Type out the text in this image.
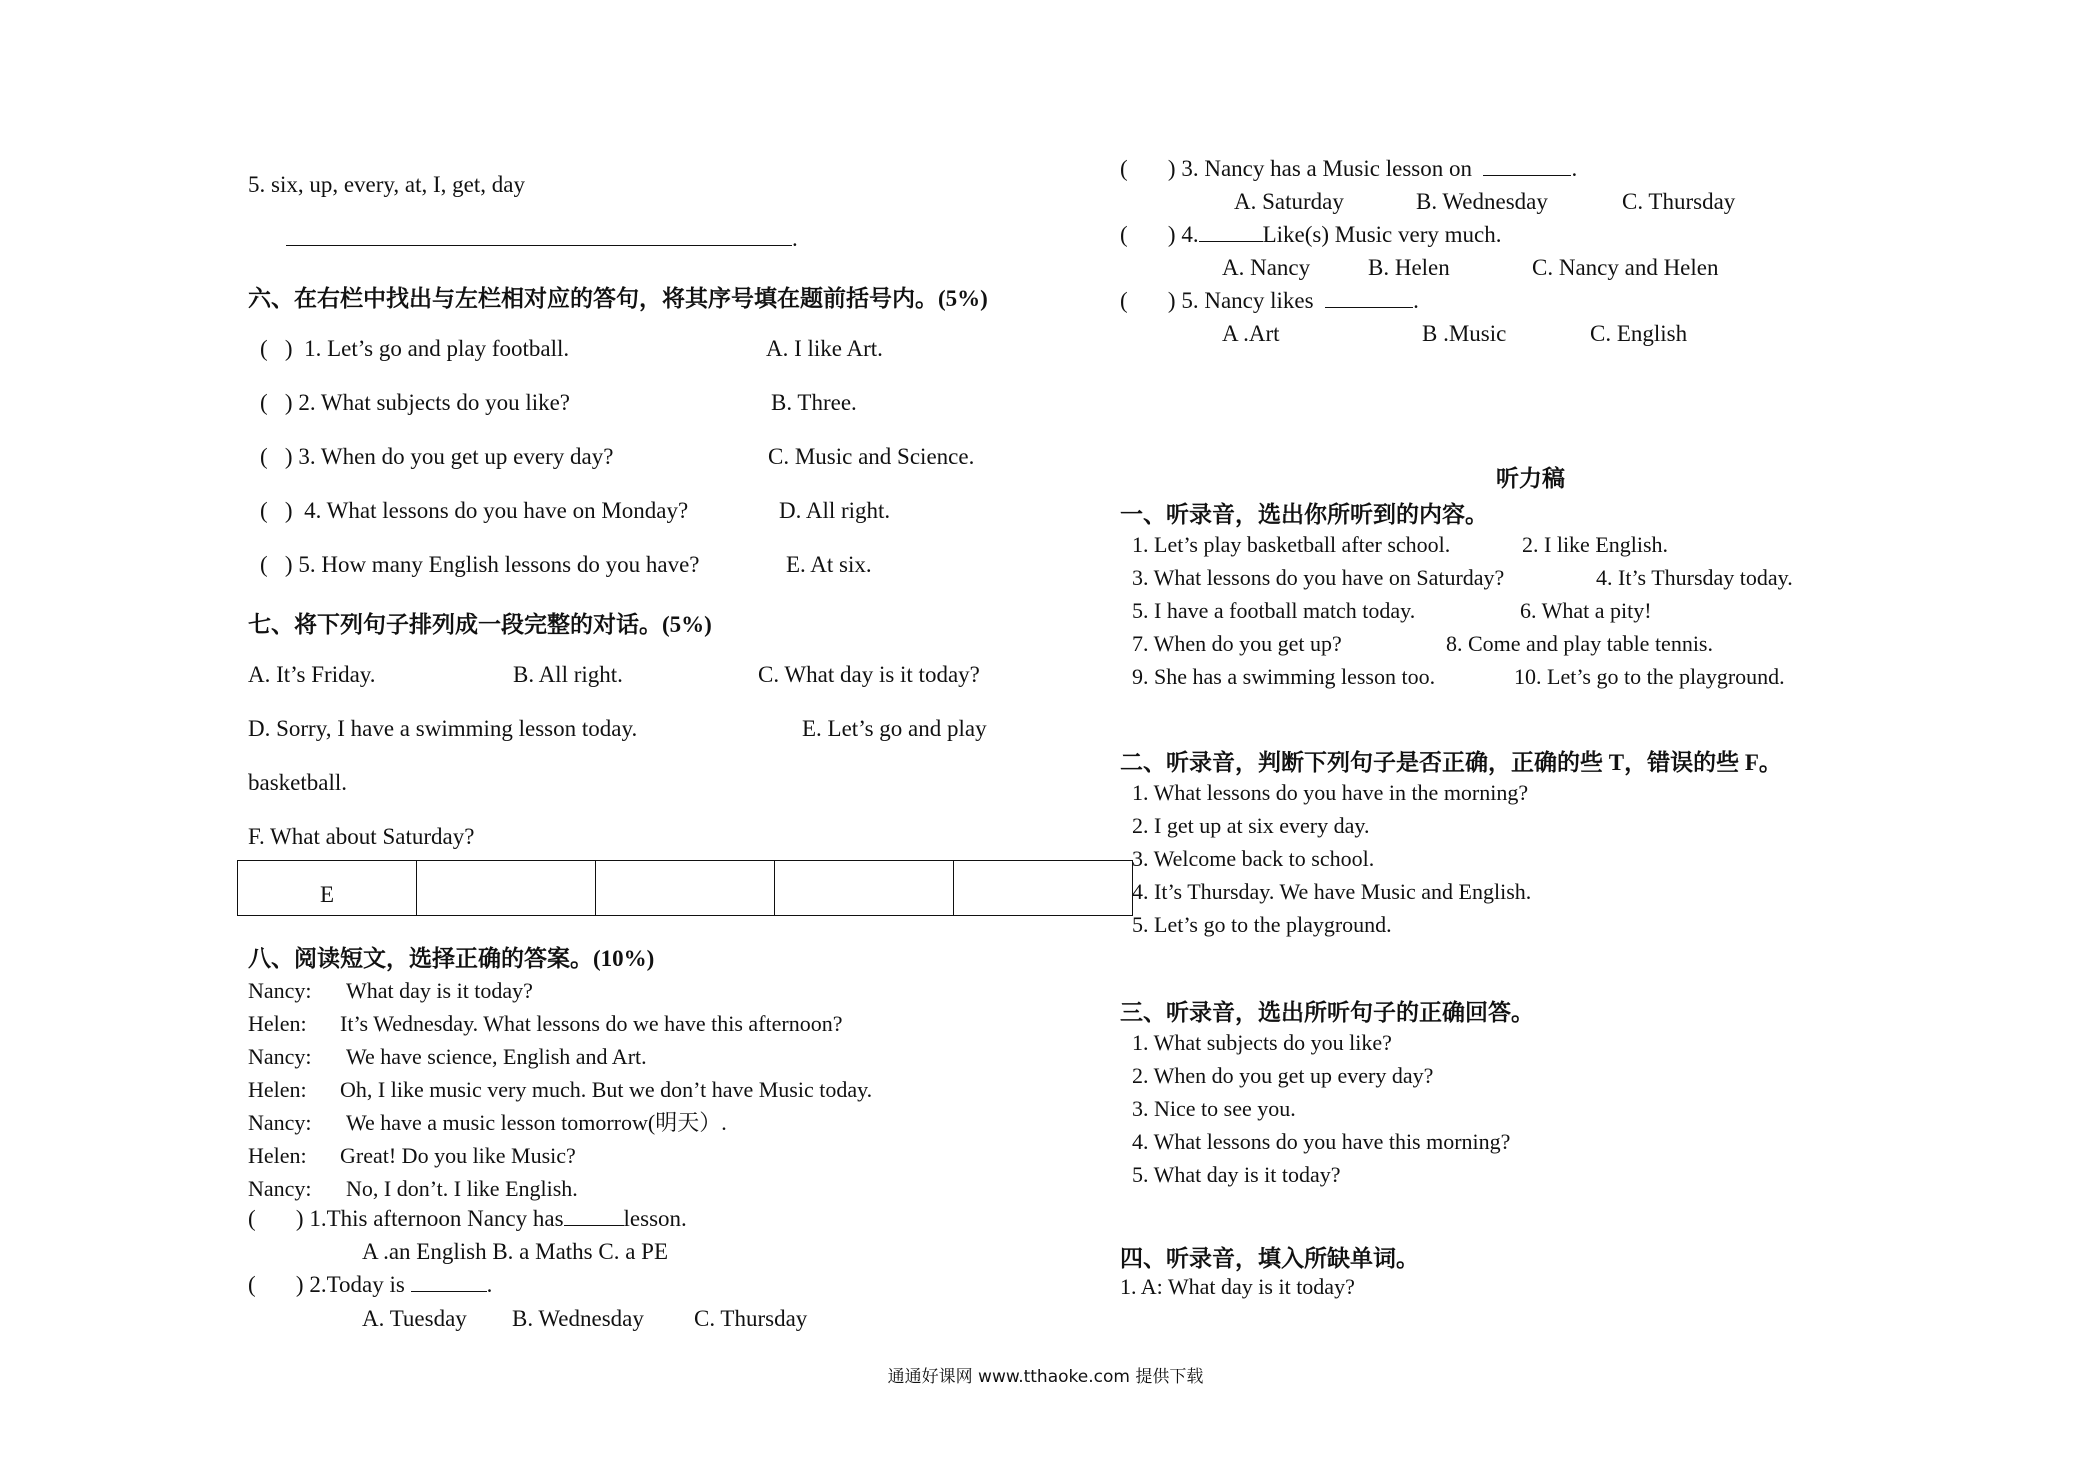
5. six, up, every, at, I, get, day
.
六、在右栏中找出与左栏相对应的答句，将其序号填在题前括号内。(5%)
(   )  1. Let’s go and play football.	A. I like Art.
(   ) 2. What subjects do you like?	B. Three.
(   ) 3. When do you get up every day?	C. Music and Science.
(   )  4. What lessons do you have on Monday?	D. All right.
(   ) 5. How many English lessons do you have?	E. At six.
七、将下列句子排列成一段完整的对话。(5%)
A. It’s Friday.	B. All right.	C. What day is it today?
D. Sorry, I have a swimming lesson today.	E. Let’s go and play
basketball.
F. What about Saturday?
E				
八、阅读短文，选择正确的答案。(10%)
Nancy: What day is it today?
Helen: It’s Wednesday. What lessons do we have this afternoon?
Nancy: We have science, English and Art.
Helen: Oh, I like music very much. But we don’t have Music today.
Nancy: We have a music lesson tomorrow(明天）.
Helen: Great! Do you like Music?
Nancy: No, I don’t. I like English.
(       ) 1.This afternoon Nancy has	lesson.
A .an English B. a Maths C. a PE
(       ) 2.Today is	.
A. Tuesday B. Wednesday C. Thursday
(       ) 3. Nancy has a Music lesson on	.
A. Saturday	B. Wednesday	C. Thursday
(       ) 4.	Like(s) Music very much.
A. Nancy	B. Helen	C. Nancy and Helen
(       ) 5. Nancy likes	.
A .Art	B .Music	C. English
听力稿
一、听录音，选出你所听到的内容。
1. Let’s play basketball after school.	2. I like English.
3. What lessons do you have on Saturday?	4. It’s Thursday today.
5. I have a football match today.	6. What a pity!
7. When do you get up?	8. Come and play table tennis.
9. She has a swimming lesson too.	10. Let’s go to the playground.
二、听录音，判断下列句子是否正确，正确的些 T，错误的些 F。
1. What lessons do you have in the morning?
2. I get up at six every day.
3. Welcome back to school.
4. It’s Thursday. We have Music and English.
5. Let’s go to the playground.
三、听录音，选出所听句子的正确回答。
1. What subjects do you like?
2. When do you get up every day?
3. Nice to see you.
4. What lessons do you have this morning?
5. What day is it today?
四、听录音，填入所缺单词。
1. A: What day is it today?
通通好课网 www.tthaoke.com 提供下载
